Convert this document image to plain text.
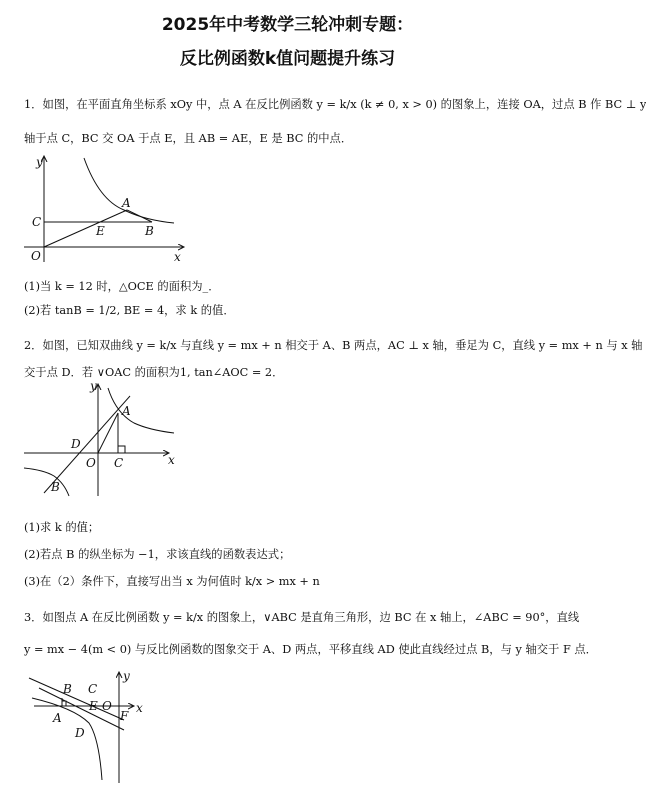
2025年中考数学三轮冲刺专题：
反比例函数k值问题提升练习
1．如图，在平面直角坐标系 xOy 中，点 A 在反比例函数 y = k/x (k ≠ 0, x > 0) 的图象上，连接 OA，过点 B 作 BC ⊥ y
轴于点 C，BC 交 OA 于点 E，且 AB = AE，E 是 BC 的中点．
y
x
O
C
E
A
B
(1)当 k = 12 时，△OCE 的面积为_．
(2)若 tanB = 1/2, BE = 4，求 k 的值．
2．如图，已知双曲线 y = k/x 与直线 y = mx + n 相交于 A、B 两点，AC ⊥ x 轴，垂足为 C，直线 y = mx + n 与 x 轴
交于点 D．若 ∨OAC 的面积为1, tan∠AOC = 2．
y
x
O C
D
A
B
(1)求 k 的值；
(2)若点 B 的纵坐标为 −1，求该直线的函数表达式；
(3)在（2）条件下，直接写出当 x 为何值时 k/x > mx + n
3．如图点 A 在反比例函数 y = k/x 的图象上，∨ABC 是直角三角形，边 BC 在 x 轴上，∠ABC = 90°，直线
y = mx − 4(m < 0) 与反比例函数的图象交于 A、D 两点，平移直线 AD 使此直线经过点 B，与 y 轴交于 F 点．
y
x
B C
E O
A	F
D
